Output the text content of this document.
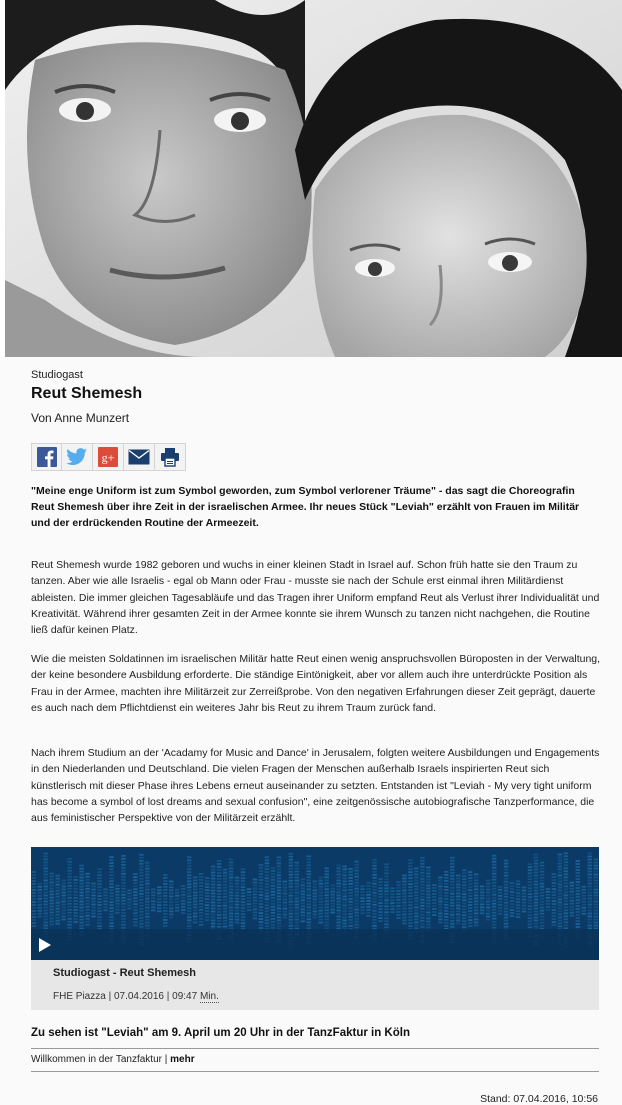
Studiogast
Reut Shemesh
Von Anne Munzert
g+

"Meine enge Uniform ist zum Symbol geworden, zum Symbol verlorener Träume" - das sagt die Choreografin Reut Shemesh über ihre Zeit in der israelischen Armee. Ihr neues Stück "Leviah" erzählt von Frauen im Militär und der erdrückenden Routine der Armeezeit.

Reut Shemesh wurde 1982 geboren und wuchs in einer kleinen Stadt in Israel auf. Schon früh hatte sie den Traum zu tanzen. Aber wie alle Israelis - egal ob Mann oder Frau - musste sie nach der Schule erst einmal ihren Militärdienst ableisten. Die immer gleichen Tagesabläufe und das Tragen ihrer Uniform empfand Reut als Verlust ihrer Individualität und Kreativität. Während ihrer gesamten Zeit in der Armee konnte sie ihrem Wunsch zu tanzen nicht nachgehen, die Routine ließ dafür keinen Platz.

Wie die meisten Soldatinnen im israelischen Militär hatte Reut einen wenig anspruchsvollen Büroposten in der Verwaltung, der keine besondere Ausbildung erforderte. Die ständige Eintönigkeit, aber vor allem auch ihre unterdrückte Position als Frau in der Armee, machten ihre Militärzeit zur Zerreißprobe. Von den negativen Erfahrungen dieser Zeit geprägt, dauerte es auch nach dem Pflichtdienst ein weiteres Jahr bis Reut zu ihrem Traum zurück fand.

Nach ihrem Studium an der 'Acadamy for Music and Dance' in Jerusalem, folgten weitere Ausbildungen und Engagements in den Niederlanden und Deutschland. Die vielen Fragen der Menschen außerhalb Israels inspirierten Reut sich künstlerisch mit dieser Phase ihres Lebens erneut auseinander zu setzten. Entstanden ist "Leviah - My very tight uniform has become a symbol of lost dreams and sexual confusion", eine zeitgenössische autobiografische Tanzperformance, die aus feministischer Perspektive von der Militärzeit erzählt.

Studiogast - Reut Shemesh
FHE Piazza | 07.04.2016 | 09:47 Min.
Zu sehen ist "Leviah" am 9. April um 20 Uhr in der TanzFaktur in Köln
Willkommen in der Tanzfaktur | mehr
Stand: 07.04.2016, 10:56
